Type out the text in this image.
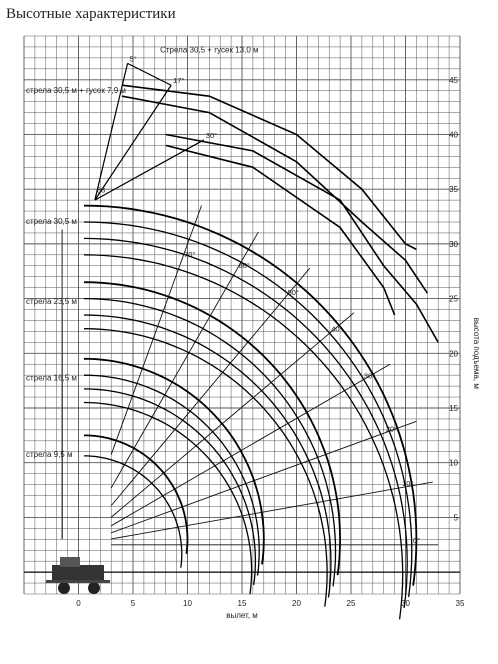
Высотные характеристики
0	5	10	15	20	25	30	35
5
10
15
20
25
30
35
40
45
0°
10°
20°
30°
40°
50°
60°
70°
5°
17°
30°
83
стрела 9,5 м
стрела 16,5 м
стрела 23,5 м
стрела 30,5 м
стрела 30,5 м + гусек 7,9 м
Стрела 30,5 + гусек 13,0 м
вылет, м
высота подъема, м
